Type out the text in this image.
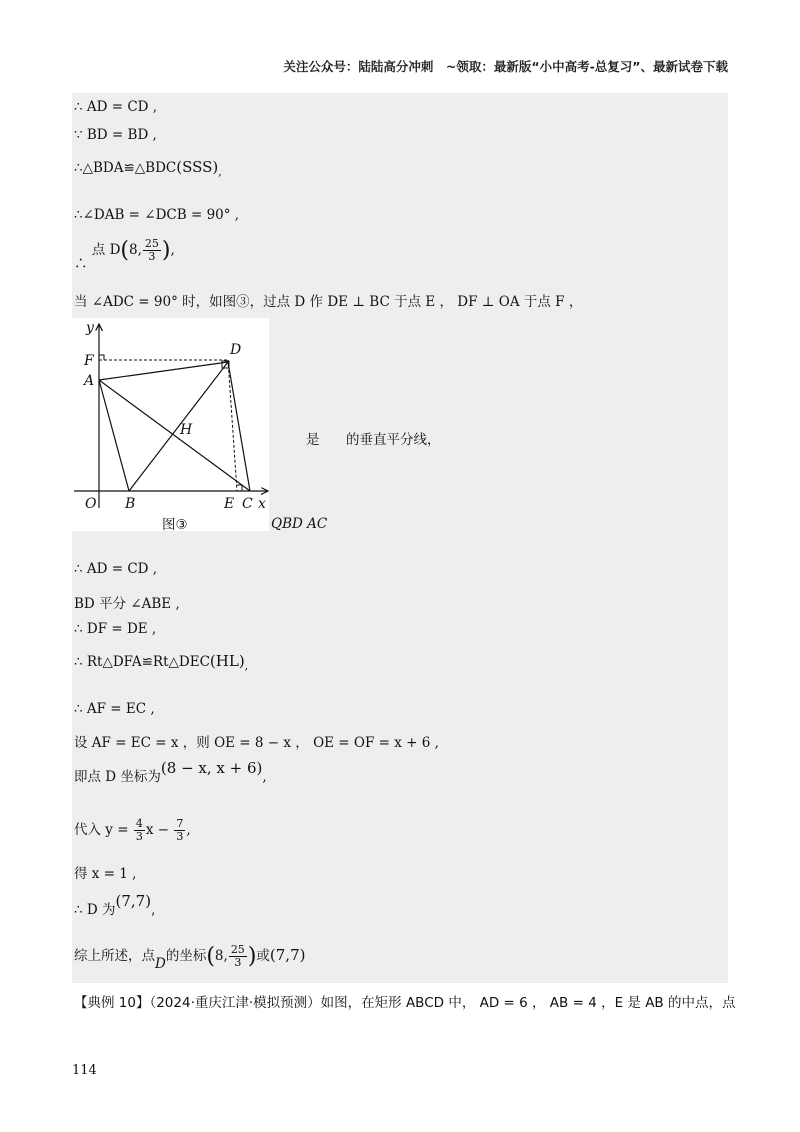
关注公众号：陆陆高分冲刺　~领取：最新版“小中高考-总复习”、最新试卷下载
∴ AD = CD ,
∵ BD = BD ,
$\therefore\triangle BDA≌\triangle BDC(SSS)_,$
∴∠DAB = ∠DCB = 90° ,
∴ 点 D(8, $\frac{25}{3}$ ),
当 ∠ADC = 90° 时，如图③，过点 D 作 DE ⊥ BC 于点 E ， DF ⊥ OA 于点 F ，
y
F
A
D
H
O B	E C x
图③
是 的垂直平分线，
QBD AC
∴ AD = CD ,
BD 平分 ∠ABE ,
∴ DF = DE ,
∴ $Rt\triangle DFA≌Rt\triangle DEC(HL)_,$
∴ AF = EC ,
设 AF = EC = x ，则 OE = 8 − x ， OE = OF = x + 6 ,
即点 D 坐标为(8 − x, x + 6),
代入 $y = \frac{4}{3}$ $x - \frac{7}{3}$ ,
得 x = 1 ,
∴ D 为(7,7),
综上所述，点D的坐标(8, $\frac{25}{3}$ )或(7,7)
【典例 10】（2024·重庆江津·模拟预测）如图，在矩形 ABCD 中， AD = 6 ， AB = 4 ，E 是 AB 的中点，点
114
